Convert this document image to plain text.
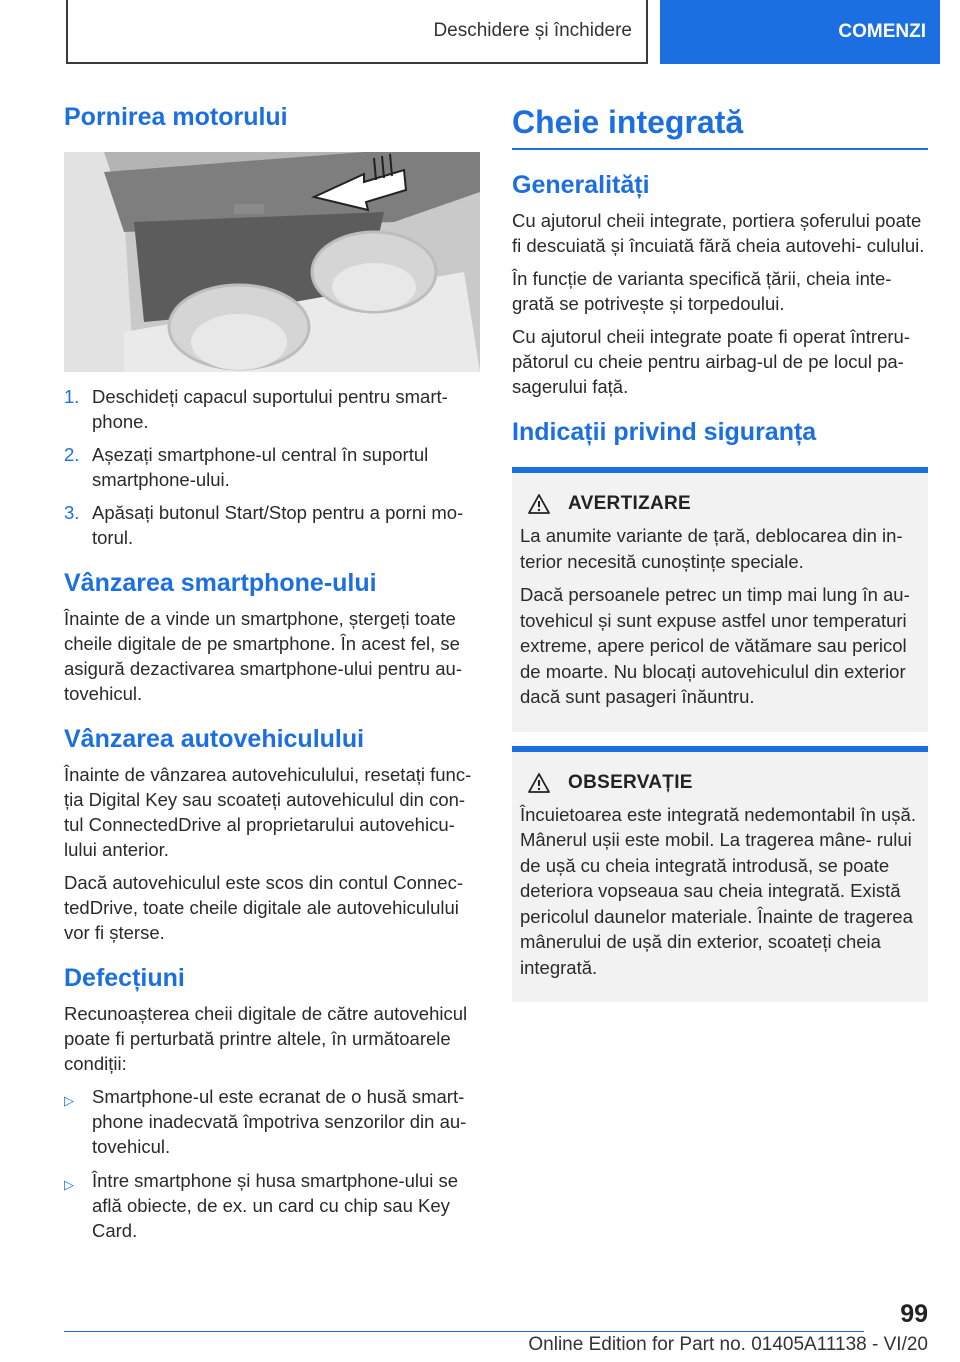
Deschidere și închidere	COMENZI
Pornirea motorului
1. Deschideți capacul suportului pentru smart‐ phone.
2. Așezați smartphone-ul central în suportul smartphone-ului.
3. Apăsați butonul Start/Stop pentru a porni mo‐ torul.
Vânzarea smartphone-ului

Înainte de a vinde un smartphone, ștergeți toate cheile digitale de pe smartphone. În acest fel, se asigură dezactivarea smartphone-ului pentru au‐ tovehicul.

Vânzarea autovehiculului

Înainte de vânzarea autovehiculului, resetați func‐ ția Digital Key sau scoateți autovehiculul din con‐ tul ConnectedDrive al proprietarului autovehicu‐ lului anterior.

Dacă autovehiculul este scos din contul Connec‐ tedDrive, toate cheile digitale ale autovehiculului vor fi șterse.

Defecțiuni

Recunoașterea cheii digitale de către autovehicul poate fi perturbată printre altele, în următoarele condiții:

▷ Smartphone-ul este ecranat de o husă smart‐ phone inadecvată împotriva senzorilor din au‐ tovehicul.
▷ Între smartphone și husa smartphone-ului se află obiecte, de ex. un card cu chip sau Key Card.
Cheie integrată
Generalități

Cu ajutorul cheii integrate, portiera șoferului poate fi descuiată și încuiată fără cheia autovehi‐ culului.

În funcție de varianta specifică țării, cheia inte‐ grată se potrivește și torpedoului.

Cu ajutorul cheii integrate poate fi operat întreru‐ pătorul cu cheie pentru airbag-ul de pe locul pa‐ sagerului față.

Indicații privind siguranța
AVERTIZARE

La anumite variante de țară, deblocarea din in‐ terior necesită cunoștințe speciale.

Dacă persoanele petrec un timp mai lung în au‐ tovehicul și sunt expuse astfel unor temperaturi extreme, apere pericol de vătămare sau pericol de moarte. Nu blocați autovehiculul din exterior dacă sunt pasageri înăuntru.

OBSERVAȚIE

Încuietoarea este integrată nedemontabil în ușă. Mânerul ușii este mobil. La tragerea mâne‐ rului de ușă cu cheia integrată introdusă, se poate deteriora vopseaua sau cheia integrată. Există pericolul daunelor materiale. Înainte de tragerea mânerului de ușă din exterior, scoateți cheia integrată.

99
Online Edition for Part no. 01405A11138 - VI/20
